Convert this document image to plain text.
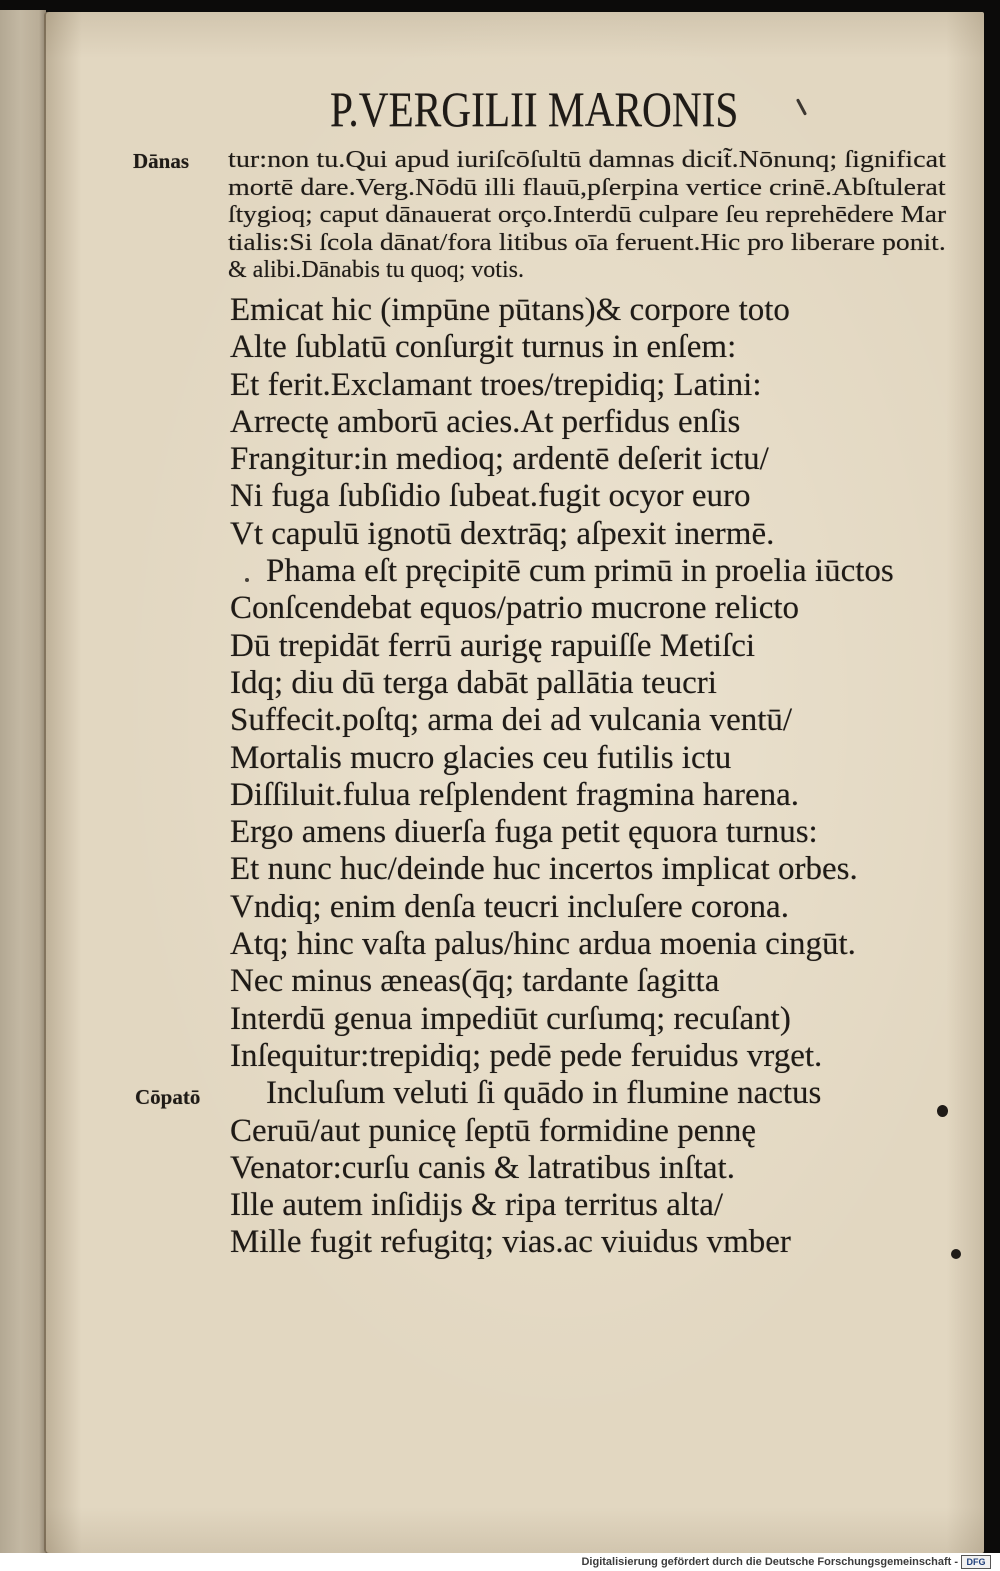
P.VERGILII MARONIS
Dānas	tur:non tu.Qui apud iuriſcōſultū damnas dicit̃.Nōnunq; ſignificat
mortē dare.Verg.Nōdū illi flauū,pſerpina vertice crinē.Abſtulerat
ſtygioq; caput dānauerat orço.Interdū culpare ſeu reprehēdere Mar
tialis:Si ſcola dānat/fora litibus oīa feruent.Hic pro liberare ponit.
& alibi.Dānabis tu quoq; votis.
Emicat hic (impūne pūtans)& corpore toto
Alte ſublatū conſurgit turnus in enſem:
Et ferit.Exclamant troes/trepidiq; Latini:
Arrectę amborū acies.At perfidus enſis
Frangitur:in medioq; ardentē deſerit ictu/
Ni fuga ſubſidio ſubeat.fugit ocyor euro
Vt capulū ignotū dextrāq; aſpexit inermē.
Phama eſt pręcipitē cum primū in proelia iūctos
Conſcendebat equos/patrio mucrone relicto
Dū trepidāt ferrū aurigę rapuiſſe Metiſci
Idq; diu dū terga dabāt pallātia teucri
Suffecit.poſtq; arma dei ad vulcania ventū/
Mortalis mucro glacies ceu futilis ictu
Diſſiluit.fulua reſplendent fragmina harena.
Ergo amens diuerſa fuga petit ęquora turnus:
Et nunc huc/deinde huc incertos implicat orbes.
Vndiq; enim denſa teucri incluſere corona.
Atq; hinc vaſta palus/hinc ardua moenia cingūt.
Nec minus æneas(q̄q; tardante ſagitta
Interdū genua impediūt curſumq; recuſant)
Inſequitur:trepidiq; pedē pede feruidus vrget.
Incluſum veluti ſi quādo in flumine nactus
Ceruū/aut punicę ſeptū formidine pennę
Venator:curſu canis & latratibus inſtat.
Ille autem inſidijs & ripa territus alta/
Mille fugit refugitq; vias.ac viuidus vmber
Cōpatō
Digitalisierung gefördert durch die Deutsche Forschungsgemeinschaft - DFG
